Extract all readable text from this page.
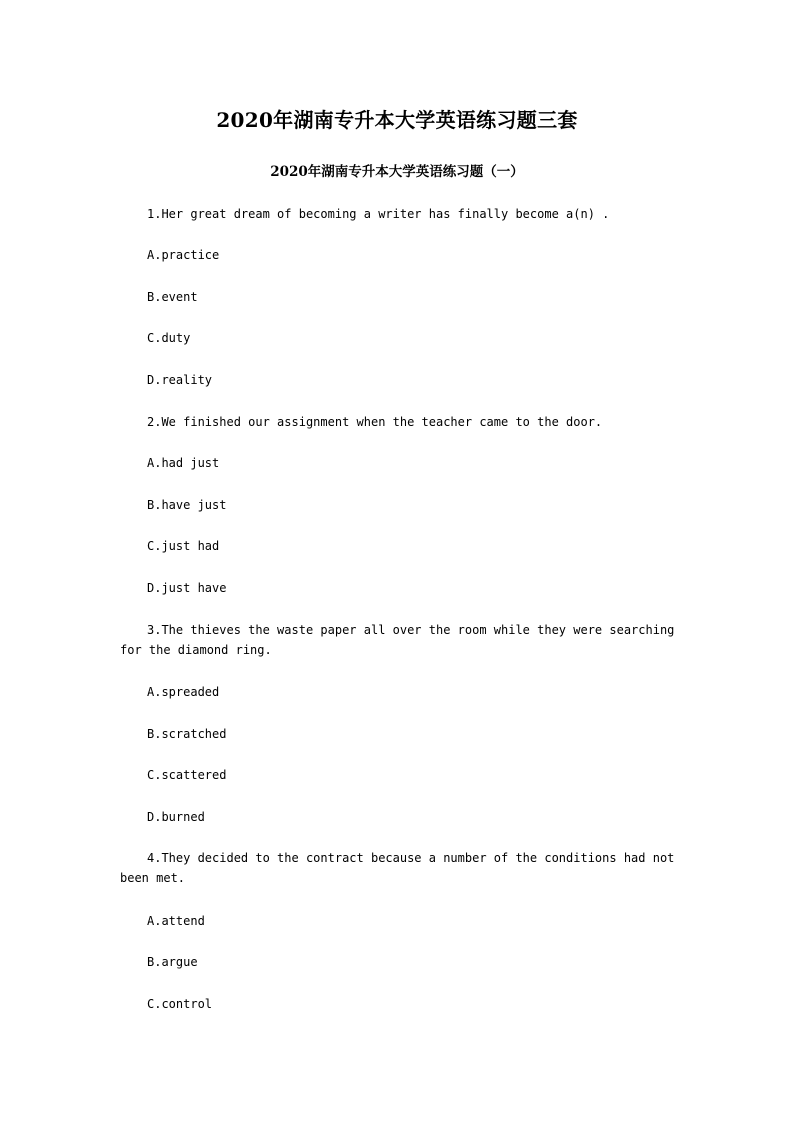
2020年湖南专升本大学英语练习题三套
2020年湖南专升本大学英语练习题（一）
1.Her great dream of becoming a writer has finally become a(n) .
A.practice
B.event
C.duty
D.reality
2.We finished our assignment when the teacher came to the door.
A.had just
B.have just
C.just had
D.just have
3.The thieves the waste paper all over the room while they were searching
for the diamond ring.
A.spreaded
B.scratched
C.scattered
D.burned
4.They decided to the contract because a number of the conditions had not
been met.
A.attend
B.argue
C.control
